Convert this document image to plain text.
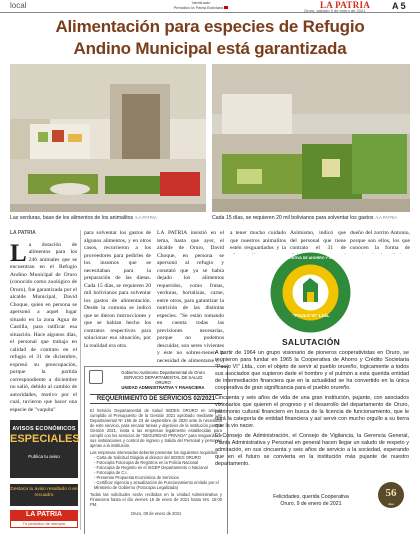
local	Vanishado
Periódico la Patria Boliviana	LA PATRIA
Oruro, sábado 9 de enero de 2021	A 5
Alimentación para especies de Refugio
Andino Municipal está garantizada
Las verduras, base de los alimentos de los animalitos /LA PATRIA	Cada 15 días, se requieren 20 mil bolivianos para solventar los gastos /LA PATRIA
LA PATRIA
L a dotación de alimentos para los 246 animales que se encuentran en el Refugio Andino Municipal de Oruro (conocido como zoológico de Oruro), fue garantizada por el alcalde Municipal, David Choque, quien en persona se apersonó a aquel lugar situado en la zona Agua de Castilla, para ratificar esa situación. Hace algunos días, el personal que trabaja en calidad de contrato en el refugio el 31 de diciembre, expresó su preocupación, porque la partida correspondiente a diciembre no salió, debido al cambio de autoridades, motivo por el cual, tuvieron que hacer una especie de "vaquita"
para solventar los gastos de algunos alimentos, y en otros casos, recurrieron a los proveedores para pedirles de los insumos que se necesitaban para la preparación de las dietas. Cada 15 días, se requieren 20 mil bolivianos para solventar los gastos de alimentación. Desde la comuna se indicó que se dieron instrucciones y que se habían hecho los contratos respectivos para solucionar esa situación, por la realidad era otra.
LA PATRIA insistió en el tema, hasta que ayer, el alcalde de Oruro, David Choque, en persona se apersonó al refugio y constató que ya se había dejado los alimentos requeridos, como frutas, verduras, hortalizas, carne, entre otros, para garantizar la nutrición de las distintas especies. "Se están tomando en cuenta todas las previsiones necesarias, porque no podemos descuidar, son seres vivientes y éste no sobres-tienen la necesidad de alimentarse (...)
a tener mucho cuidado que nuestros animalitos estén resguardados y la
Asimismo, indicó que del personal que tiene contrato el 31 de
dueño del zorrito Antonio, porque son ellos, los que conocen la forma de
AVISOS ECONÓMICOS
ESPECIALES
Publica tu aviso
Destaca tu aviso resaltado o en recuadro
LA PATRIA
Tu periódico de siempre
Gobierno Autónomo Departamental de Oruro
SERVICIO DEPARTAMENTAL DE SALUD
ORURO
UNIDAD ADMINISTRATIVA Y FINANCIERA
REQUERIMIENTO DE SERVICIOS 02/2021
El Servicio Departamental de Salud SEDES ORURO en artículo cumplido al Presupuesto de la Gestión 2021 aprobado mediante Ley Departamental Nº 156 de 23 de septiembre de 2020 ante la necesidad de este servicio, para encarar tareas y objetivos de la institución para la Gestión 2021, invita a las empresas legalmente establecidas para cumplir con los servicios de "SEGURIDAD PRIVADA" para resguardo de sus instalaciones y control de ingreso y Salida del Personal y personas ajenas a la institución.
Las empresas interesadas deberán presentar los siguientes requisitos:
- Carta de Solicitud Dirigida al director del SEDES ORURO
- Fotocopia Fotocopia de Registros en la Policía Nacional
- Fotocopia de Registro en el SIGEP Departamento o Nacional
- Fotocopia de C.I.
- Presentar Propuesta Económica de Servicios
- Certificar vigencia y actualización de Funcionamiento emitido por el Ministerio de Gobierno (Fotocopia Legalizada)
Todas las solicitudes serán recibidas en la Unidad Administrativa y Financiera hasta el día viernes 15 de enero de 2021 hasta Hrs. 15:00 PM.
Oruro, 08 de enero de 2021
COOPERATIVA DE AHORRO Y CRÉDITO
"PAULO VI" Ltda.
SALUTACIÓN

A partir de 1964 un grupo visionario de pioneros cooperativistas en Oruro, se reunieron para fundar en 1965 la Cooperativa de Ahorro y Crédito Societaria "Paulo VI" Ltda., con el objeto de servir al pueblo orureño, logicamente a todos sus asociados que supieron darle el hombro y el pulmón a esta querida entidad de intermediación financiera que en la actualidad se ha convertido en la única cooperativa de gran significancia para el pueblo orureño.

Cincuenta y seis años de vida de una gran institución, pujante, con asociados visionarios que quieren el progreso y el desarrollo del departamento de Oruro, patrimonio cultural financiero en busca de la licencia de funcionamiento, que le dará la categoría de entidad financiera y así servir con mucho orgullo a su tierra que la vio nacer.

El Consejo de Administración, el Consejo de Vigilancia, la Gerencia General, Planta Administrativa y Personal en general hacen llegar un saludo de respeto y admiración, en sus cincuenta y seis años de servicio a la sociedad, esperando que en el futuro se convierta en la institución más pujante de nuestro departamento.

Felicidades, querida Cooperativa
Oruro, 9 de enero de 2021
56
años
